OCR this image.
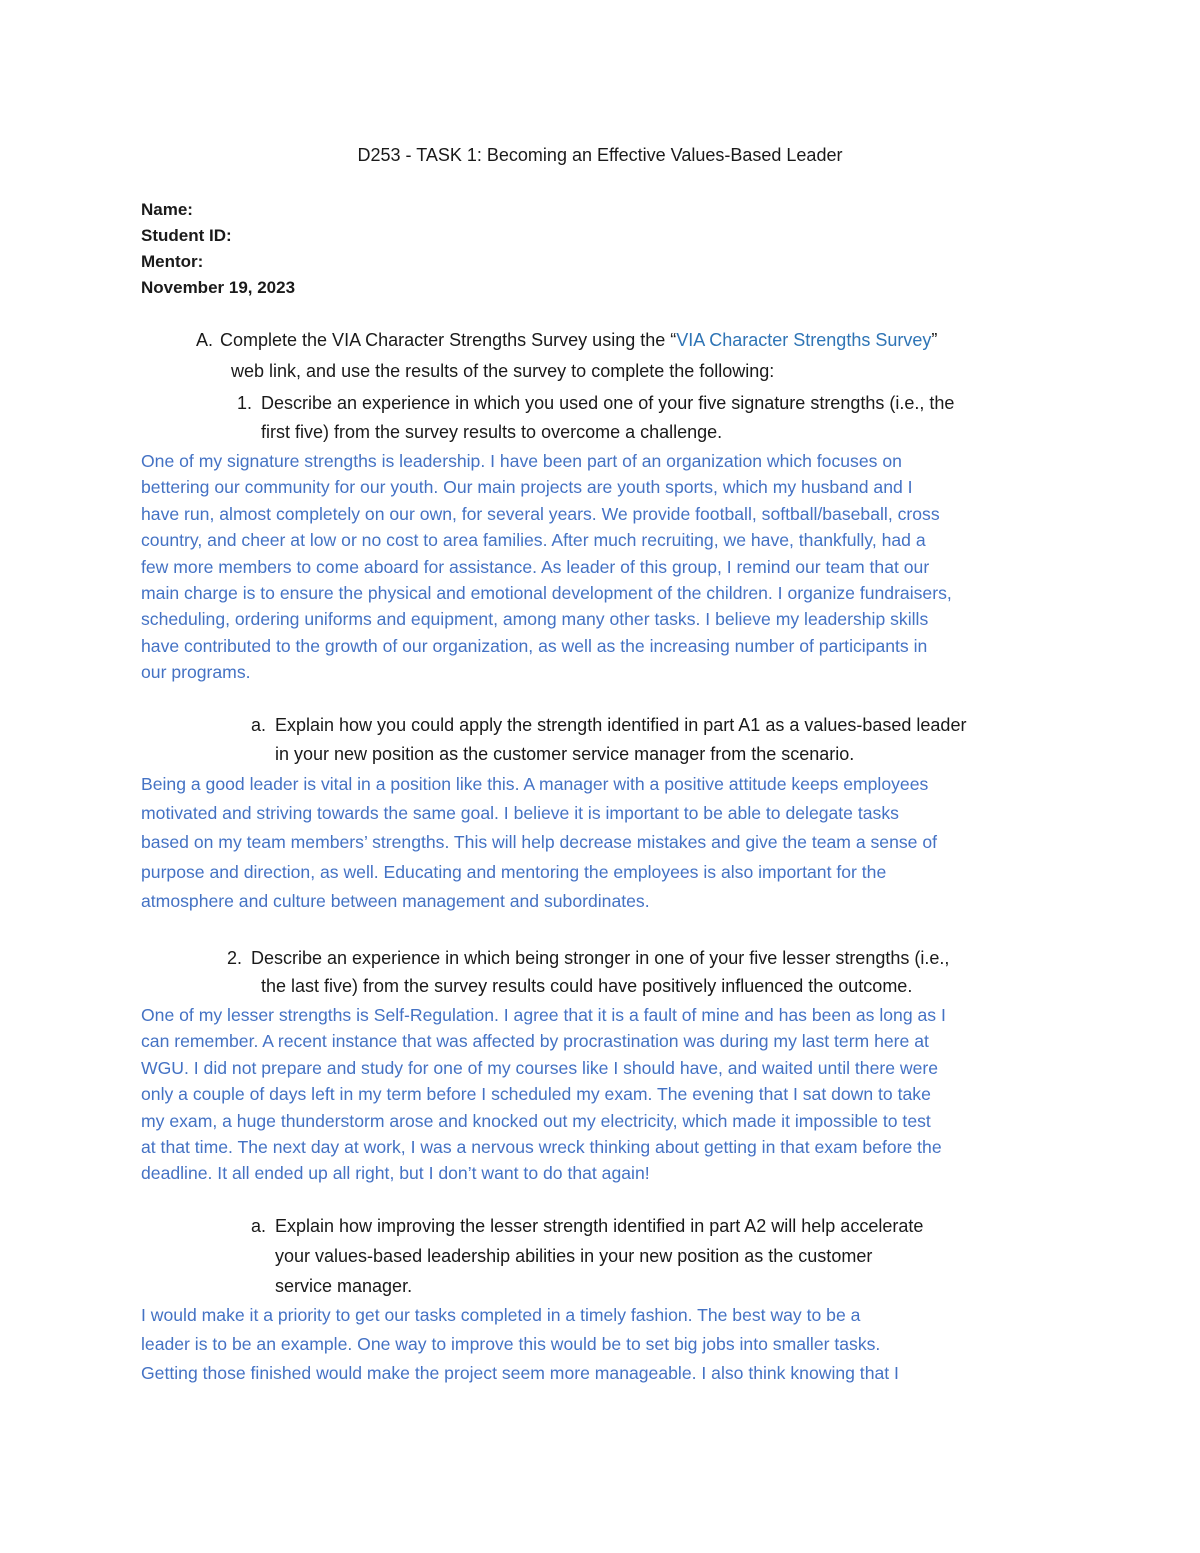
D253 - TASK 1: Becoming an Effective Values-Based Leader
Name:
Student ID:
Mentor:
November 19, 2023
A. Complete the VIA Character Strengths Survey using the “VIA Character Strengths Survey”
web link, and use the results of the survey to complete the following:
1. Describe an experience in which you used one of your five signature strengths (i.e., the
first five) from the survey results to overcome a challenge.
One of my signature strengths is leadership. I have been part of an organization which focuses on
bettering our community for our youth. Our main projects are youth sports, which my husband and I
have run, almost completely on our own, for several years. We provide football, softball/baseball, cross
country, and cheer at low or no cost to area families. After much recruiting, we have, thankfully, had a
few more members to come aboard for assistance. As leader of this group, I remind our team that our
main charge is to ensure the physical and emotional development of the children. I organize fundraisers,
scheduling, ordering uniforms and equipment, among many other tasks. I believe my leadership skills
have contributed to the growth of our organization, as well as the increasing number of participants in
our programs.
a. Explain how you could apply the strength identified in part A1 as a values-based leader
in your new position as the customer service manager from the scenario.
Being a good leader is vital in a position like this. A manager with a positive attitude keeps employees
motivated and striving towards the same goal. I believe it is important to be able to delegate tasks
based on my team members’ strengths. This will help decrease mistakes and give the team a sense of
purpose and direction, as well. Educating and mentoring the employees is also important for the
atmosphere and culture between management and subordinates.
2. Describe an experience in which being stronger in one of your five lesser strengths (i.e.,
the last five) from the survey results could have positively influenced the outcome.
One of my lesser strengths is Self-Regulation. I agree that it is a fault of mine and has been as long as I
can remember. A recent instance that was affected by procrastination was during my last term here at
WGU. I did not prepare and study for one of my courses like I should have, and waited until there were
only a couple of days left in my term before I scheduled my exam. The evening that I sat down to take
my exam, a huge thunderstorm arose and knocked out my electricity, which made it impossible to test
at that time. The next day at work, I was a nervous wreck thinking about getting in that exam before the
deadline. It all ended up all right, but I don’t want to do that again!
a. Explain how improving the lesser strength identified in part A2 will help accelerate
your values-based leadership abilities in your new position as the customer
service manager.
I would make it a priority to get our tasks completed in a timely fashion. The best way to be a
leader is to be an example. One way to improve this would be to set big jobs into smaller tasks.
Getting those finished would make the project seem more manageable. I also think knowing that I
